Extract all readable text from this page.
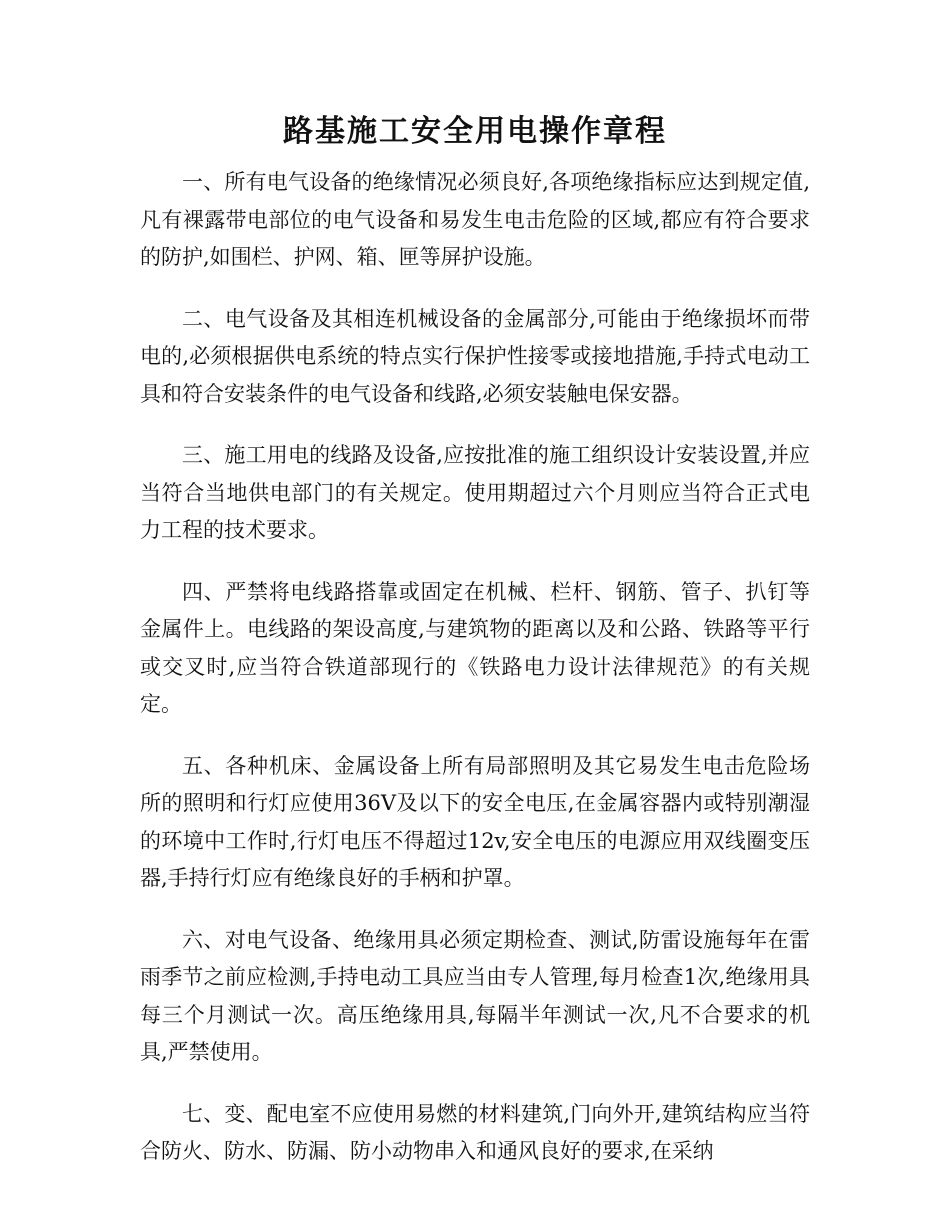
路基施工安全用电操作章程

一、所有电气设备的绝缘情况必须良好,各项绝缘指标应达到规定值,凡有裸露带电部位的电气设备和易发生电击危险的区域,都应有符合要求的防护,如围栏、护网、箱、匣等屏护设施。

二、电气设备及其相连机械设备的金属部分,可能由于绝缘损坏而带电的,必须根据供电系统的特点实行保护性接零或接地措施,手持式电动工具和符合安装条件的电气设备和线路,必须安装触电保安器。

三、施工用电的线路及设备,应按批准的施工组织设计安装设置,并应当符合当地供电部门的有关规定。使用期超过六个月则应当符合正式电力工程的技术要求。

四、严禁将电线路搭靠或固定在机械、栏杆、钢筋、管子、扒钉等金属件上。电线路的架设高度,与建筑物的距离以及和公路、铁路等平行或交叉时,应当符合铁道部现行的《铁路电力设计法律规范》的有关规定。

五、各种机床、金属设备上所有局部照明及其它易发生电击危险场所的照明和行灯应使用36V及以下的安全电压,在金属容器内或特别潮湿的环境中工作时,行灯电压不得超过12v,安全电压的电源应用双线圈变压器,手持行灯应有绝缘良好的手柄和护罩。

六、对电气设备、绝缘用具必须定期检查、测试,防雷设施每年在雷雨季节之前应检测,手持电动工具应当由专人管理,每月检查1次,绝缘用具每三个月测试一次。高压绝缘用具,每隔半年测试一次,凡不合要求的机具,严禁使用。

七、变、配电室不应使用易燃的材料建筑,门向外开,建筑结构应当符合防火、防水、防漏、防小动物串入和通风良好的要求,在采纳
